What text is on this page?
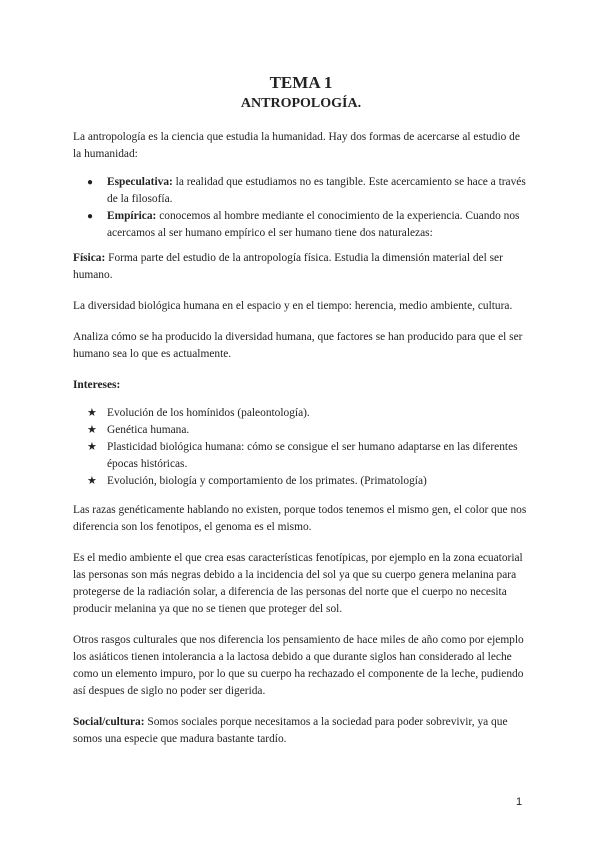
TEMA 1
ANTROPOLOGÍA.

La antropología es la ciencia que estudia la humanidad. Hay dos formas de acercarse al estudio de la humanidad:

● Especulativa: la realidad que estudiamos no es tangible. Este acercamiento se hace a través de la filosofía.
● Empírica: conocemos al hombre mediante el conocimiento de la experiencia. Cuando nos acercamos al ser humano empírico el ser humano tiene dos naturalezas:

Física: Forma parte del estudio de la antropología física. Estudia la dimensión material del ser humano.

La diversidad biológica humana en el espacio y en el tiempo: herencia, medio ambiente, cultura.

Analiza cómo se ha producido la diversidad humana, que factores se han producido para que el ser humano sea lo que es actualmente.

Intereses:

★ Evolución de los homínidos (paleontología).
★ Genética humana.
★ Plasticidad biológica humana: cómo se consigue el ser humano adaptarse en las diferentes épocas históricas.
★ Evolución, biología y comportamiento de los primates. (Primatología)

Las razas genéticamente hablando no existen, porque todos tenemos el mismo gen, el color que nos diferencia son los fenotipos, el genoma es el mismo.

Es el medio ambiente el que crea esas características fenotípicas, por ejemplo en la zona ecuatorial las personas son más negras debido a la incidencia del sol ya que su cuerpo genera melanina para protegerse de la radiación solar, a diferencia de las personas del norte que el cuerpo no necesita producir melanina ya que no se tienen que proteger del sol.

Otros rasgos culturales que nos diferencia los pensamiento de hace miles de año como por ejemplo los asiáticos tienen intolerancia a la lactosa debido a que durante siglos han considerado al leche como un elemento impuro, por lo que su cuerpo ha rechazado el componente de la leche, pudiendo así despues de siglo no poder ser digerida.

Social/cultura: Somos sociales porque necesitamos a la sociedad para poder sobrevivir, ya que somos una especie que madura bastante tardío.

1
